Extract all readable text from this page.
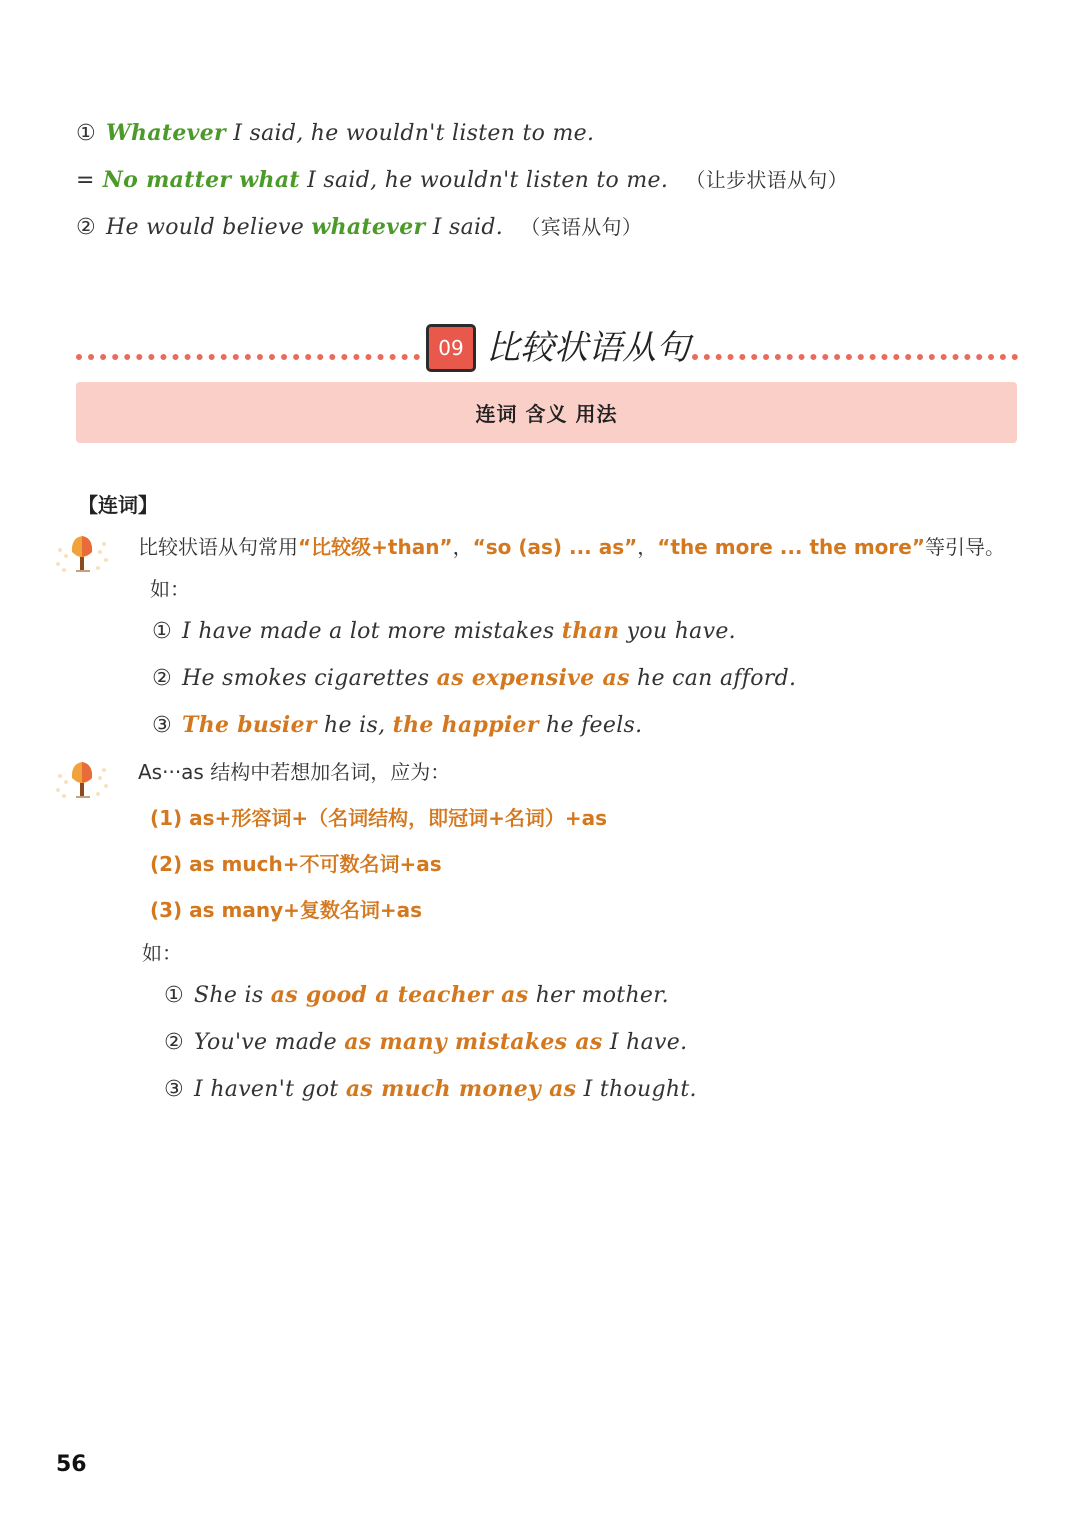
① Whatever I said, he wouldn't listen to me.
= No matter what I said, he wouldn't listen to me. （让步状语从句）
② He would believe whatever I said. （宾语从句）
09 比较状语从句
连词 含义 用法
【连词】
比较状语从句常用“比较级+than”，“so (as) ... as”，“the more ... the more”等引导。
如：
① I have made a lot more mistakes than you have.
② He smokes cigarettes as expensive as he can afford.
③ The busier he is, the happier he feels.
As···as 结构中若想加名词，应为：
(1) as+形容词+（名词结构，即冠词+名词）+as
(2) as much+不可数名词+as
(3) as many+复数名词+as
如：
① She is as good a teacher as her mother.
② You've made as many mistakes as I have.
③ I haven't got as much money as I thought.
56
